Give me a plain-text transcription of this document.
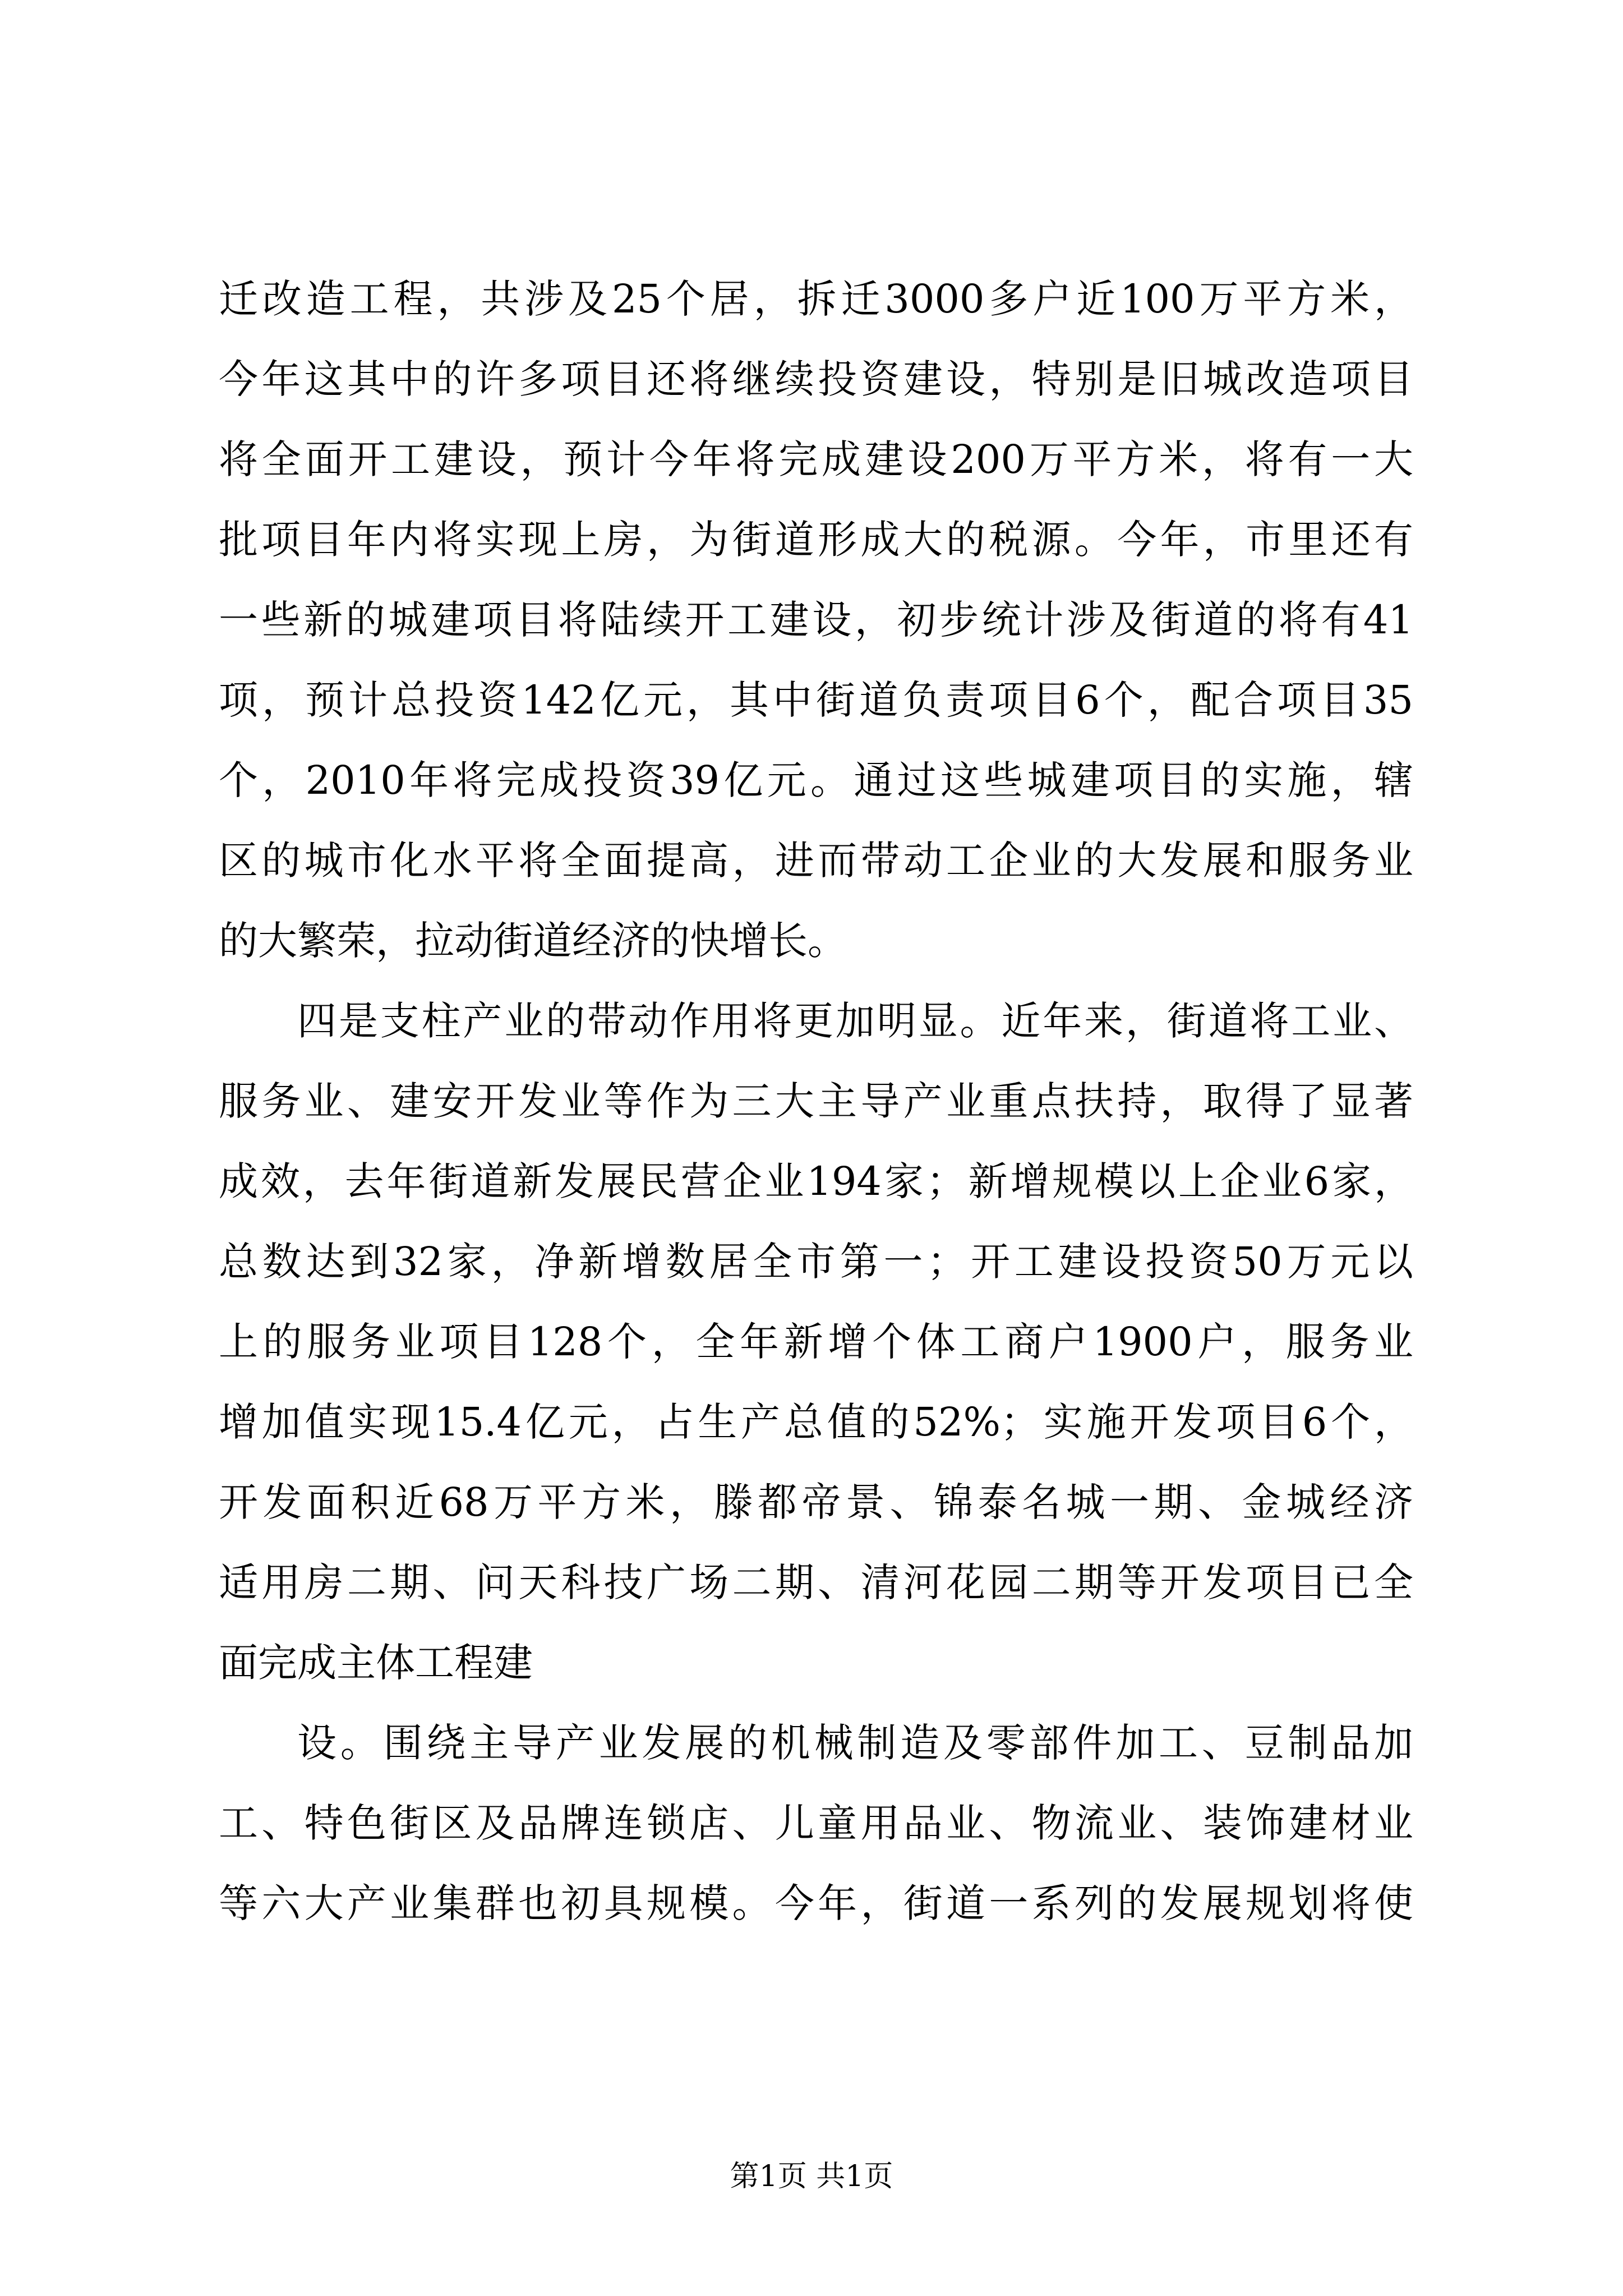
迁改造工程，共涉及25个居，拆迁3000多户近100万平方米，
今年这其中的许多项目还将继续投资建设，特别是旧城改造项目
将全面开工建设，预计今年将完成建设200万平方米，将有一大
批项目年内将实现上房，为街道形成大的税源。今年，市里还有
一些新的城建项目将陆续开工建设，初步统计涉及街道的将有41
项，预计总投资142亿元，其中街道负责项目6个，配合项目35
个，2010年将完成投资39亿元。通过这些城建项目的实施，辖
区的城市化水平将全面提高，进而带动工企业的大发展和服务业
的大繁荣，拉动街道经济的快增长。
四是支柱产业的带动作用将更加明显。近年来，街道将工业、
服务业、建安开发业等作为三大主导产业重点扶持，取得了显著
成效，去年街道新发展民营企业194家；新增规模以上企业6家，
总数达到32家，净新增数居全市第一；开工建设投资50万元以
上的服务业项目128个，全年新增个体工商户1900户，服务业
增加值实现15.4亿元，占生产总值的52%；实施开发项目6个，
开发面积近68万平方米，滕都帝景、锦泰名城一期、金城经济
适用房二期、问天科技广场二期、清河花园二期等开发项目已全
面完成主体工程建
设。围绕主导产业发展的机械制造及零部件加工、豆制品加
工、特色街区及品牌连锁店、儿童用品业、物流业、装饰建材业
等六大产业集群也初具规模。今年，街道一系列的发展规划将使
第1页 共1页
